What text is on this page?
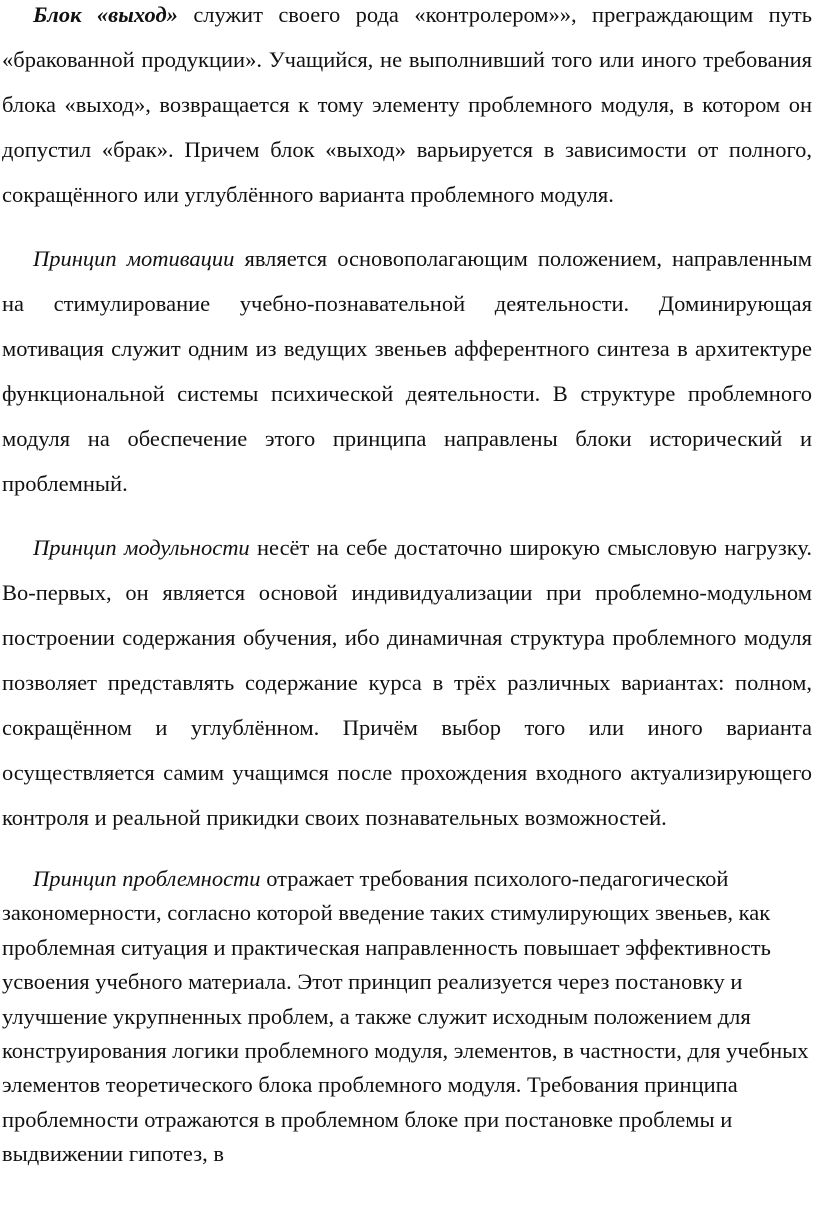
Блок «выход» служит своего рода «контролером»», преграждающим путь «бракованной продукции». Учащийся, не выполнивший того или иного требования блока «выход», возвращается к тому элементу проблемного модуля, в котором он допустил «брак». Причем блок «выход» варьируется в зависимости от полного, сокращённого или углублённого варианта проблемного модуля.

Принцип мотивации является основополагающим положением, направленным на стимулирование учебно-познавательной деятельности. Доминирующая мотивация служит одним из ведущих звеньев афферентного синтеза в архитектуре функциональной системы психической деятельности. В структуре проблемного модуля на обеспечение этого принципа направлены блоки исторический и проблемный.

Принцип модульности несёт на себе достаточно широкую смысловую нагрузку. Во-первых, он является основой индивидуализации при проблемно-модульном построении содержания обучения, ибо динамичная структура проблемного модуля позволяет представлять содержание курса в трёх различных вариантах: полном, сокращённом и углублённом. Причём выбор того или иного варианта осуществляется самим учащимся после прохождения входного актуализирующего контроля и реальной прикидки своих познавательных возможностей.

Принцип проблемности отражает требования психолого-педагогической закономерности, согласно которой введение таких стимулирующих звеньев, как проблемная ситуация и практическая направленность повышает эффективность усвоения учебного материала. Этот принцип реализуется через постановку и улучшение укрупненных проблем, а также служит исходным положением для конструирования логики проблемного модуля, элементов, в частности, для учебных элементов теоретического блока проблемного модуля. Требования принципа проблемности отражаются в проблемном блоке при постановке проблемы и выдвижении гипотез, в
